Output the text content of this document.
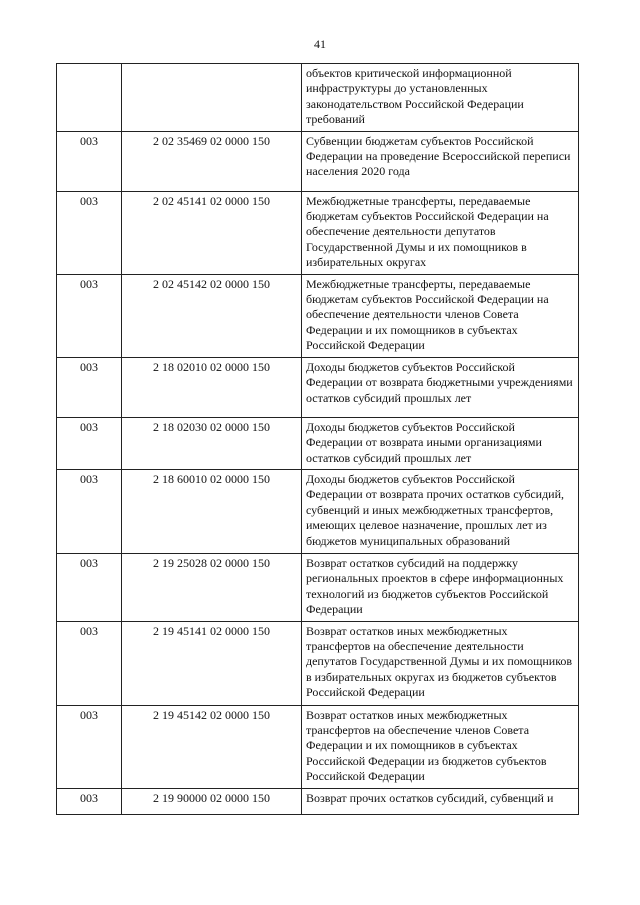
41
		объектов критической информационной инфраструктуры до установленных законодательством Российской Федерации требований
003	2 02 35469 02 0000 150	Субвенции бюджетам субъектов Российской Федерации на проведение Всероссийской переписи населения 2020 года
003	2 02 45141 02 0000 150	Межбюджетные трансферты, передаваемые бюджетам субъектов Российской Федерации на обеспечение деятельности депутатов Государственной Думы и их помощников в избирательных округах
003	2 02 45142 02 0000 150	Межбюджетные трансферты, передаваемые бюджетам субъектов Российской Федерации на обеспечение деятельности членов Совета Федерации и их помощников в субъектах Российской Федерации
003	2 18 02010 02 0000 150	Доходы бюджетов субъектов Российской Федерации от возврата бюджетными учреждениями остатков субсидий прошлых лет
003	2 18 02030 02 0000 150	Доходы бюджетов субъектов Российской Федерации от возврата иными организациями остатков субсидий прошлых лет
003	2 18 60010 02 0000 150	Доходы бюджетов субъектов Российской Федерации от возврата прочих остатков субсидий, субвенций и иных межбюджетных трансфертов, имеющих целевое назначение, прошлых лет из бюджетов муниципальных образований
003	2 19 25028 02 0000 150	Возврат остатков субсидий на поддержку региональных проектов в сфере информационных технологий из бюджетов субъектов Российской Федерации
003	2 19 45141 02 0000 150	Возврат остатков иных межбюджетных трансфертов на обеспечение деятельности депутатов Государственной Думы и их помощников в избирательных округах из бюджетов субъектов Российской Федерации
003	2 19 45142 02 0000 150	Возврат остатков иных межбюджетных трансфертов на обеспечение членов Совета Федерации и их помощников в субъектах Российской Федерации из бюджетов субъектов Российской Федерации
003	2 19 90000 02 0000 150	Возврат прочих остатков субсидий, субвенций и
